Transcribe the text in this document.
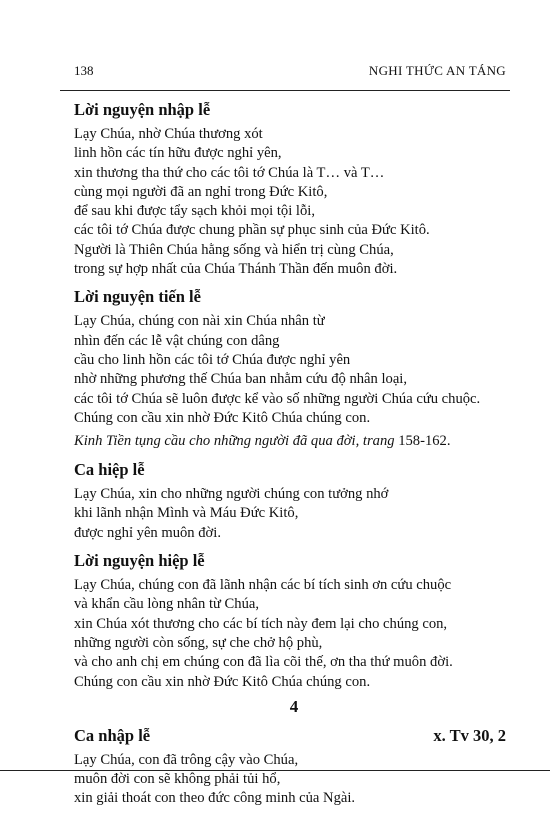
138	NGHI THỨC AN TÁNG
Lời nguyện nhập lễ
Lạy Chúa, nhờ Chúa thương xót
linh hồn các tín hữu được nghỉ yên,
xin thương tha thứ cho các tôi tớ Chúa là T… và T…
cùng mọi người đã an nghỉ trong Đức Kitô,
để sau khi được tẩy sạch khỏi mọi tội lỗi,
các tôi tớ Chúa được chung phần sự phục sinh của Đức Kitô.
Người là Thiên Chúa hằng sống và hiển trị cùng Chúa,
trong sự hợp nhất của Chúa Thánh Thần đến muôn đời.
Lời nguyện tiến lễ
Lạy Chúa, chúng con nài xin Chúa nhân từ
nhìn đến các lễ vật chúng con dâng
cầu cho linh hồn các tôi tớ Chúa được nghỉ yên
nhờ những phương thế Chúa ban nhằm cứu độ nhân loại,
các tôi tớ Chúa sẽ luôn được kể vào số những người Chúa cứu chuộc.
Chúng con cầu xin nhờ Đức Kitô Chúa chúng con.
Kinh Tiền tụng cầu cho những người đã qua đời, trang 158-162.
Ca hiệp lễ
Lạy Chúa, xin cho những người chúng con tưởng nhớ
khi lãnh nhận Mình và Máu Đức Kitô,
được nghỉ yên muôn đời.
Lời nguyện hiệp lễ
Lạy Chúa, chúng con đã lãnh nhận các bí tích sinh ơn cứu chuộc
và khẩn cầu lòng nhân từ Chúa,
xin Chúa xót thương cho các bí tích này đem lại cho chúng con,
những người còn sống, sự che chở hộ phù,
và cho anh chị em chúng con đã lìa cõi thế, ơn tha thứ muôn đời.
Chúng con cầu xin nhờ Đức Kitô Chúa chúng con.
4
Ca nhập lễ	x. Tv 30, 2
Lạy Chúa, con đã trông cậy vào Chúa,
muôn đời con sẽ không phải tủi hổ,
xin giải thoát con theo đức công minh của Ngài.
